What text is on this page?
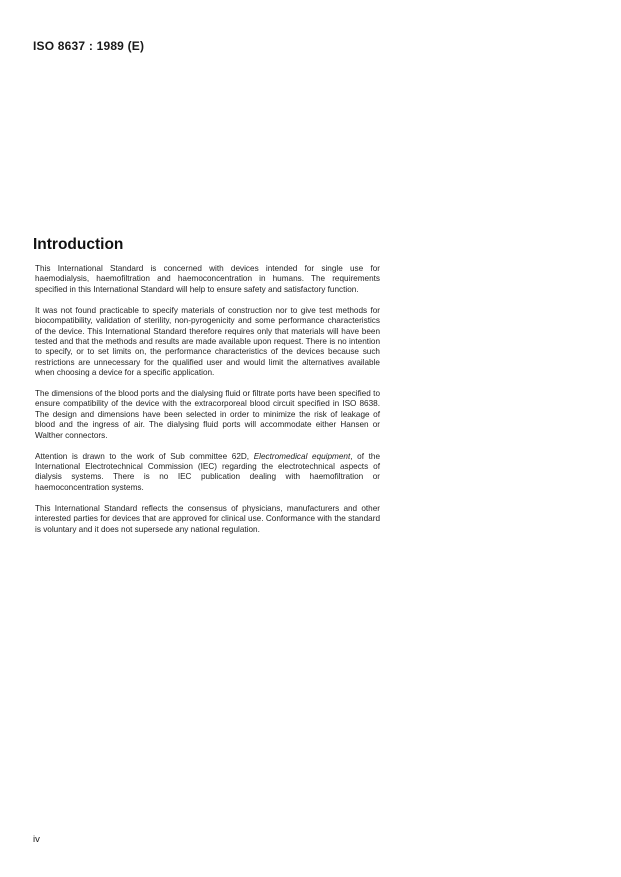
ISO 8637 : 1989 (E)

Introduction

This International Standard is concerned with devices intended for single use for haemodialysis, haemofiltration and haemoconcentration in humans. The requirements specified in this International Standard will help to ensure safety and satisfactory function.

It was not found practicable to specify materials of construction nor to give test methods for biocompatibility, validation of sterility, non-pyrogenicity and some performance characteristics of the device. This International Standard therefore requires only that materials will have been tested and that the methods and results are made available upon request. There is no intention to specify, or to set limits on, the performance characteristics of the devices because such restrictions are unnecessary for the qualified user and would limit the alternatives available when choosing a device for a specific application.

The dimensions of the blood ports and the dialysing fluid or filtrate ports have been specified to ensure compatibility of the device with the extracorporeal blood circuit specified in ISO 8638. The design and dimensions have been selected in order to minimize the risk of leakage of blood and the ingress of air. The dialysing fluid ports will accommodate either Hansen or Walther connectors.

Attention is drawn to the work of Sub committee 62D, Electromedical equipment, of the International Electrotechnical Commission (IEC) regarding the electrotechnical aspects of dialysis systems. There is no IEC publication dealing with haemofiltration or haemoconcentration systems.

This International Standard reflects the consensus of physicians, manufacturers and other interested parties for devices that are approved for clinical use. Conformance with the standard is voluntary and it does not supersede any national regulation.

iv
